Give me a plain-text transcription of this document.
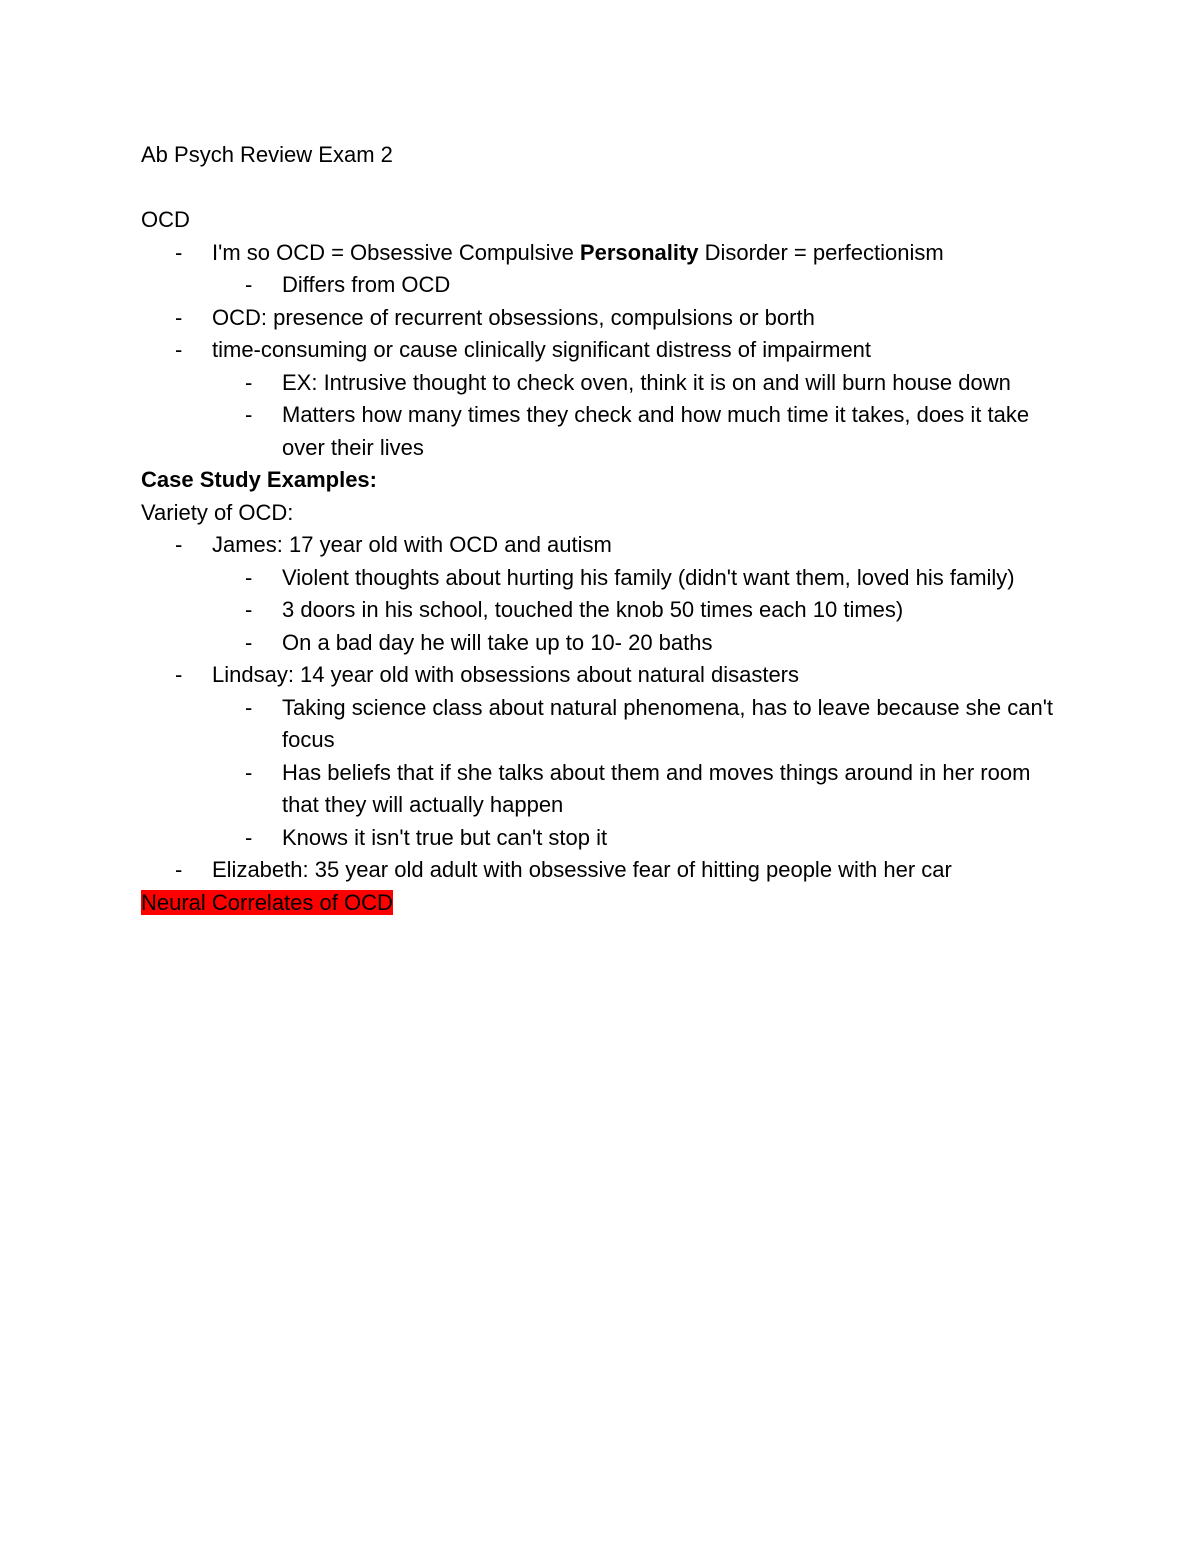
Ab Psych Review Exam 2

OCD

- I'm so OCD = Obsessive Compulsive Personality Disorder = perfectionism
- Differs from OCD
- OCD: presence of recurrent obsessions, compulsions or borth
- time-consuming or cause clinically significant distress of impairment
- EX: Intrusive thought to check oven, think it is on and will burn house down
- Matters how many times they check and how much time it takes, does it take over their lives

Case Study Examples:

Variety of OCD:

- James: 17 year old with OCD and autism
- Violent thoughts about hurting his family (didn't want them, loved his family)
- 3 doors in his school, touched the knob 50 times each 10 times)
- On a bad day he will take up to 10- 20 baths
- Lindsay: 14 year old with obsessions about natural disasters
- Taking science class about natural phenomena, has to leave because she can't focus
- Has beliefs that if she talks about them and moves things around in her room that they will actually happen
- Knows it isn't true but can't stop it
- Elizabeth: 35 year old adult with obsessive fear of hitting people with her car

Neural Correlates of OCD
